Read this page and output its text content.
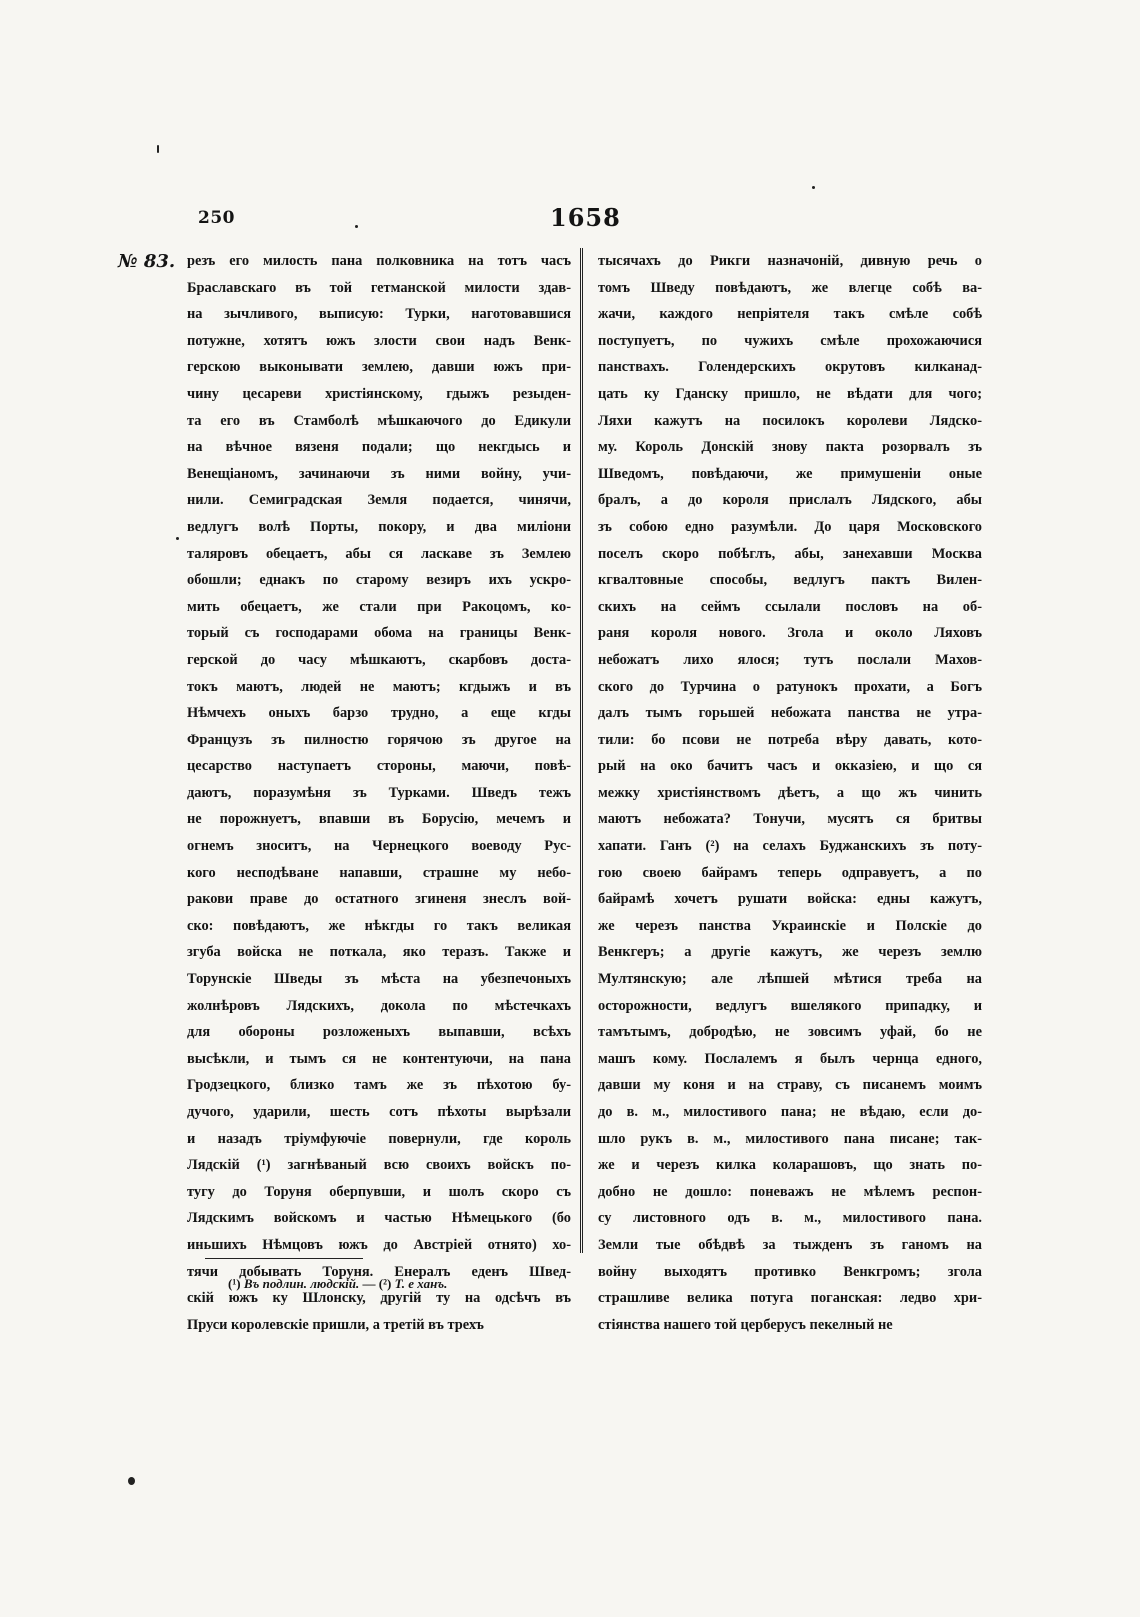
250	1658
№ 83. резъ его милость пана полковника на тотъ часъ
Браславскаго въ той гетманской милости здав-
на зычливого, выписую: Турки, наготовавшися
потужне, хотятъ южъ злости свои надъ Венк-
герскою выконывати землею, давши южъ при-
чину цесареви христіянскому, гдыжъ резыден-
та его въ Стамболѣ мѣшкаючого до Едикули
на вѣчное вязеня подали; що некгдысь и
Венещіаномъ, зачинаючи зъ ними войну, учи-
нили. Семиградская Земля подается, чинячи,
ведлугъ волѣ Порты, покору, и два миліони
таляровъ обецаетъ, абы ся ласкаве зъ Землею
обошли; еднакъ по старому везиръ ихъ ускро-
мить обецаетъ, же стали при Ракоцомъ, ко-
торый съ господарами обома на границы Венк-
герской до часу мѣшкаютъ, скарбовъ доста-
токъ маютъ, людей не маютъ; кгдыжъ и въ
Нѣмчехъ оныхъ барзо трудно, а еще кгды
Французъ зъ пилностю горячою зъ другое на
цесарство наступаетъ стороны, маючи, повѣ-
даютъ, поразумѣня зъ Турками. Шведъ тежъ
не порожнуетъ, впавши въ Борусію, мечемъ и
огнемъ зноситъ, на Чернецкого воеводу Рус-
кого несподѣване напавши, страшне му небо-
ракови праве до остатного згиненя знеслъ вой-
ско: повѣдаютъ, же нѣкгды го такъ великая
згуба войска не поткала, яко теразъ. Также и
Торунскіе Шведы зъ мѣста на убезпечоныхъ
жолнѣровъ Лядскихъ, докола по мѣстечкахъ
для обороны розложеныхъ выпавши, всѣхъ
высѣкли, и тымъ ся не контентуючи, на пана
Гродзецкого, близко тамъ же зъ пѣхотою бу-
дучого, ударили, шесть сотъ пѣхоты вырѣзали
и назадъ тріумфуючіе повернули, где король
Лядскій (¹) загнѣваный всю своихъ войскъ по-
тугу до Торуня оберпувши, и шолъ скоро съ
Лядскимъ войскомъ и частью Нѣмецького (бо
иньшихъ Нѣмцовъ южъ до Австріей отнято) хо-
тячи добывать Торуня. Енералъ еденъ Швед-
скій южъ ку Шлонску, другій ту на одсѣчъ въ
Пруси королевскіе пришли, а третій въ трехъ
тысячахъ до Рикги назначоній, дивную речь о
томъ Шведу повѣдаютъ, же влегце собѣ ва-
жачи, каждого непріятеля такъ смѣле собѣ
поступуетъ, по чужихъ смѣле прохожаючися
панствахъ. Голендерскихъ окрутовъ килканад-
цать ку Гданску пришло, не вѣдати для чого;
Ляхи кажутъ на посилокъ королеви Лядско-
му. Король Донскій знову пакта розорвалъ зъ
Шведомъ, повѣдаючи, же примушеніи оные
бралъ, а до короля прислалъ Лядского, абы
зъ собою едно разумѣли. До царя Московского
поселъ скоро побѣглъ, абы, занехавши Москва
кгвалтовные способы, ведлугъ пактъ Вилен-
скихъ на сеймъ ссылали пословъ на об-
раня короля нового. Згола и около Ляховъ
небожатъ лихо ялося; тутъ послали Махов-
ского до Турчина о ратунокъ прохати, а Богъ
далъ тымъ горьшей небожата панства не утра-
тили: бо псови не потреба вѣру давать, кото-
рый на око бачитъ часъ и оккaзіею, и що ся
межку христіянствомъ дѣетъ, а що жъ чинить
маютъ небожата? Тонучи, мусятъ ся бритвы
хапати. Ганъ (²) на селахъ Буджанскихъ зъ поту-
гою своею байрамъ теперь одправуетъ, а по
байрамѣ хочетъ рушати войска: едны кажутъ,
же черезъ панства Украинскіе и Полскіе до
Венкгеръ; а другіе кажутъ, же черезъ землю
Мултянскую; але лѣпшей мѣтися треба на
осторожности, ведлугъ вшелякого припадку, и
тамътымъ, добродѣю, не зовсимъ уфай, бо не
машъ кому. Послалемъ я былъ чернца едного,
давши му коня и на страву, съ писанемъ моимъ
до в. м., милостивого пана; не вѣдаю, если до-
шло рукъ в. м., милостивого пана писане; так-
же и черезъ килка коларашовъ, що знать по-
добно не дошло: поневажъ не мѣлемъ респон-
су листовного одъ в. м., милостивого пана.
Земли тые обѣдвѣ за тыжденъ зъ ганомъ на
войну выходятъ противко Венкгромъ; згола
страшливе велика потуга поганская: ледво хри-
стіянства нашего той церберусъ пекелный не
(¹) Въ подлин. людскій. — (²) Т. е ханъ.
